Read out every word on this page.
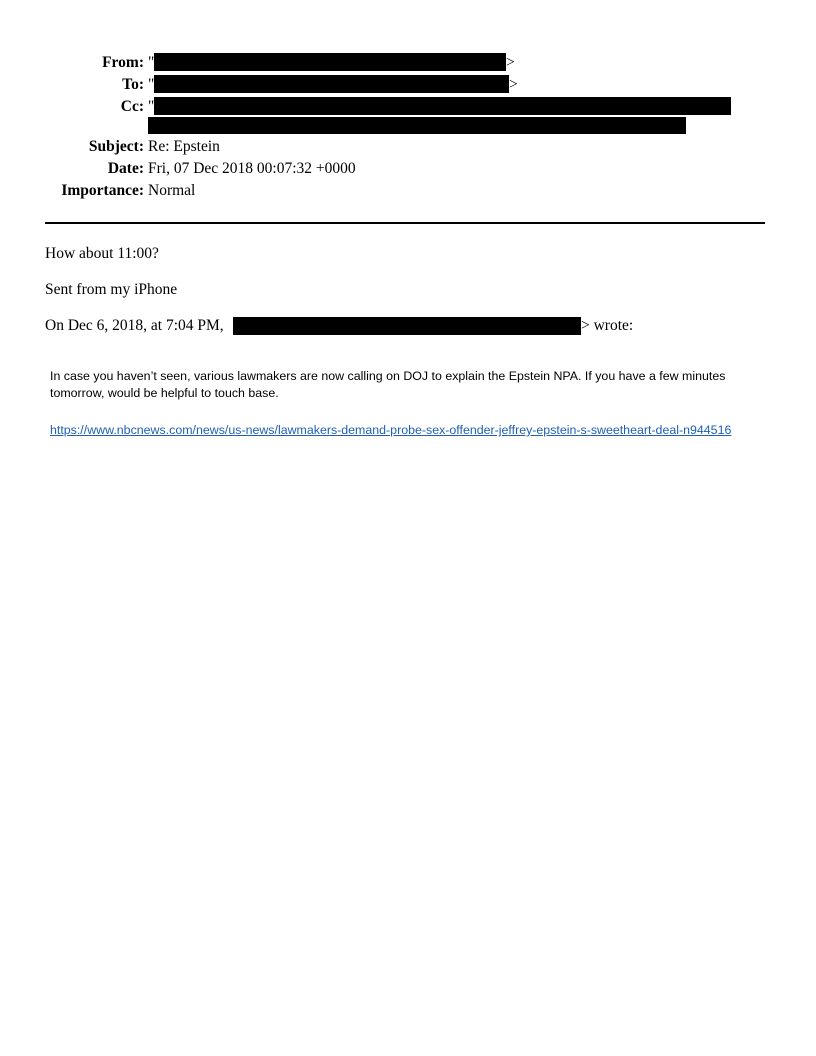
From: "	>
To: "	>
Cc: "
Subject: Re: Epstein
Date: Fri, 07 Dec 2018 00:07:32 +0000
Importance: Normal
How about 11:00?
Sent from my iPhone
On Dec 6, 2018, at 7:04 PM,	> wrote:
In case you haven’t seen, various lawmakers are now calling on DOJ to explain the Epstein NPA. If you have a few minutes tomorrow, would be helpful to touch base.
https://www.nbcnews.com/news/us-news/lawmakers-demand-probe-sex-offender-jeffrey-epstein-s-sweetheart-deal-n944516
